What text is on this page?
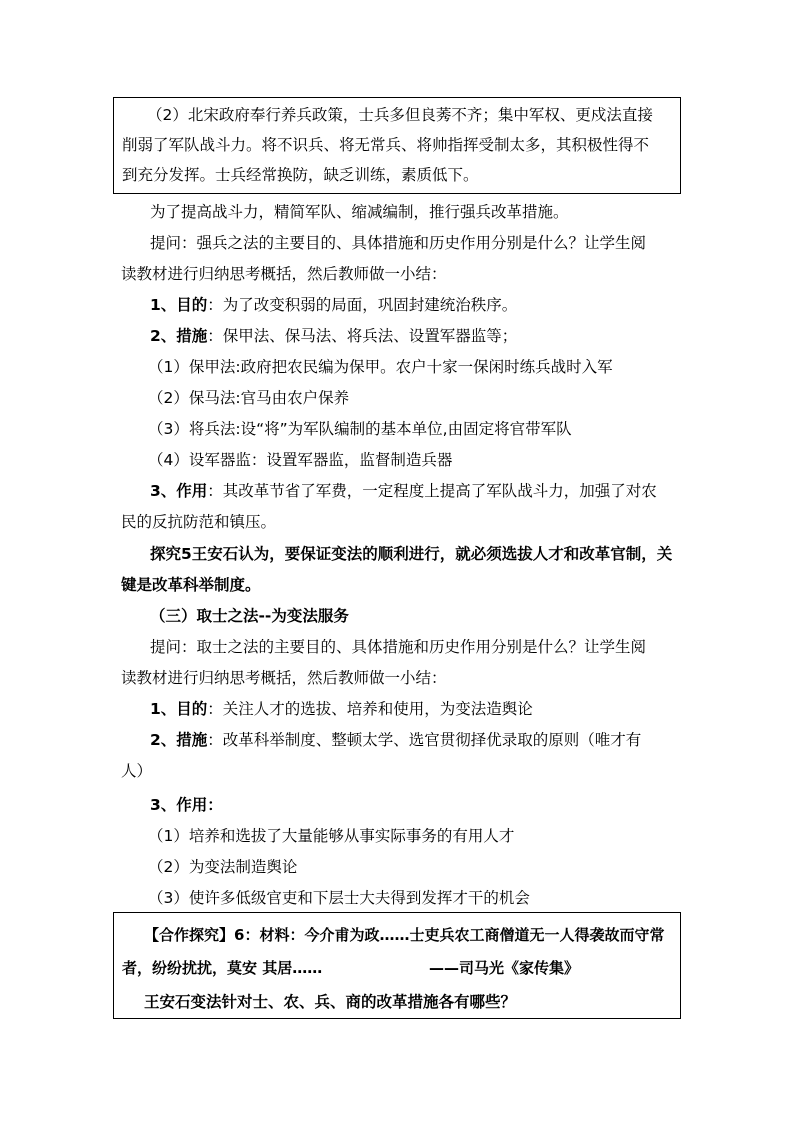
（2）北宋政府奉行养兵政策，士兵多但良莠不齐；集中军权、更戍法直接
削弱了军队战斗力。将不识兵、将无常兵、将帅指挥受制太多，其积极性得不
到充分发挥。士兵经常换防，缺乏训练，素质低下。
为了提高战斗力，精简军队、缩减编制，推行强兵改革措施。
提问：强兵之法的主要目的、具体措施和历史作用分别是什么？让学生阅
读教材进行归纳思考概括，然后教师做一小结：
1、目的：为了改变积弱的局面，巩固封建统治秩序。
2、措施：保甲法、保马法、将兵法、设置军器监等；
（1）保甲法:政府把农民编为保甲。农户十家一保闲时练兵战时入军
（2）保马法:官马由农户保养
（3）将兵法:设“将”为军队编制的基本单位,由固定将官带军队
（4）设军器监：设置军器监，监督制造兵器
3、作用：其改革节省了军费，一定程度上提高了军队战斗力，加强了对农
民的反抗防范和镇压。
探究5王安石认为，要保证变法的顺利进行，就必须选拔人才和改革官制，关
键是改革科举制度。
（三）取士之法--为变法服务
提问：取士之法的主要目的、具体措施和历史作用分别是什么？让学生阅
读教材进行归纳思考概括，然后教师做一小结：
1、目的：关注人才的选拔、培养和使用，为变法造舆论
2、措施：改革科举制度、整顿太学、选官贯彻择优录取的原则（唯才有
人）
3、作用：
（1）培养和选拔了大量能够从事实际事务的有用人才
（2）为变法制造舆论
（3）使许多低级官吏和下层士大夫得到发挥才干的机会
【合作探究】6：材料：今介甫为政……士吏兵农工商僧道无一人得袭故而守常
者，纷纷扰扰，莫安 其居……	——司马光《家传集》
王安石变法针对士、农、兵、商的改革措施各有哪些？
